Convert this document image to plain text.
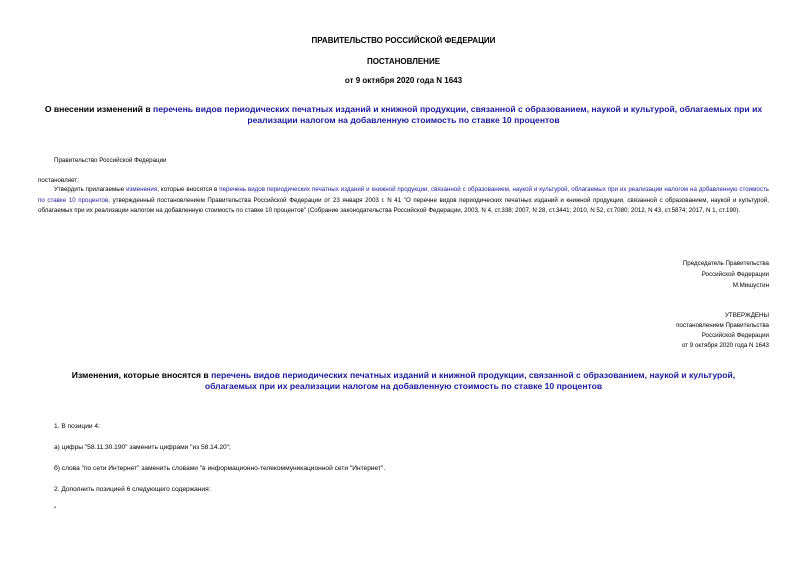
ПРАВИТЕЛЬСТВО РОССИЙСКОЙ ФЕДЕРАЦИИ
ПОСТАНОВЛЕНИЕ
от 9 октября 2020 года N 1643
О внесении изменений в перечень видов периодических печатных изданий и книжной продукции, связанной с образованием, наукой и культурой, облагаемых при их реализации налогом на добавленную стоимость по ставке 10 процентов
Правительство Российской Федерации
постановляет:
Утвердить прилагаемые изменения, которые вносятся в перечень видов периодических печатных изданий и книжной продукции, связанной с образованием, наукой и культурой, облагаемых при их реализации налогом на добавленную стоимость по ставке 10 процентов, утвержденный постановлением Правительства Российской Федерации от 23 января 2003 г. N 41 "О перечне видов периодических печатных изданий и книжной продукции, связанной с образованием, наукой и культурой, облагаемых при их реализации налогом на добавленную стоимость по ставке 10 процентов" (Собрание законодательства Российской Федерации, 2003, N 4, ст.338; 2007, N 28, ст.3441; 2010, N 52, ст.7080; 2012, N 43, ст.5874; 2017, N 1, ст.190).
Председатель Правительства
Российской Федерации
М.Мишустин
УТВЕРЖДЕНЫ
постановлением Правительства
Российской Федерации
от 9 октября 2020 года N 1643
Изменения, которые вносятся в перечень видов периодических печатных изданий и книжной продукции, связанной с образованием, наукой и культурой, облагаемых при их реализации налогом на добавленную стоимость по ставке 10 процентов
1. В позиции 4:
а) цифры "58.11.30.190" заменить цифрами "из 58.14.20";
б) слова "по сети Интернет" заменить словами "в информационно-телекоммуникационной сети "Интернет".
2. Дополнить позицией 6 следующего содержания:
"
